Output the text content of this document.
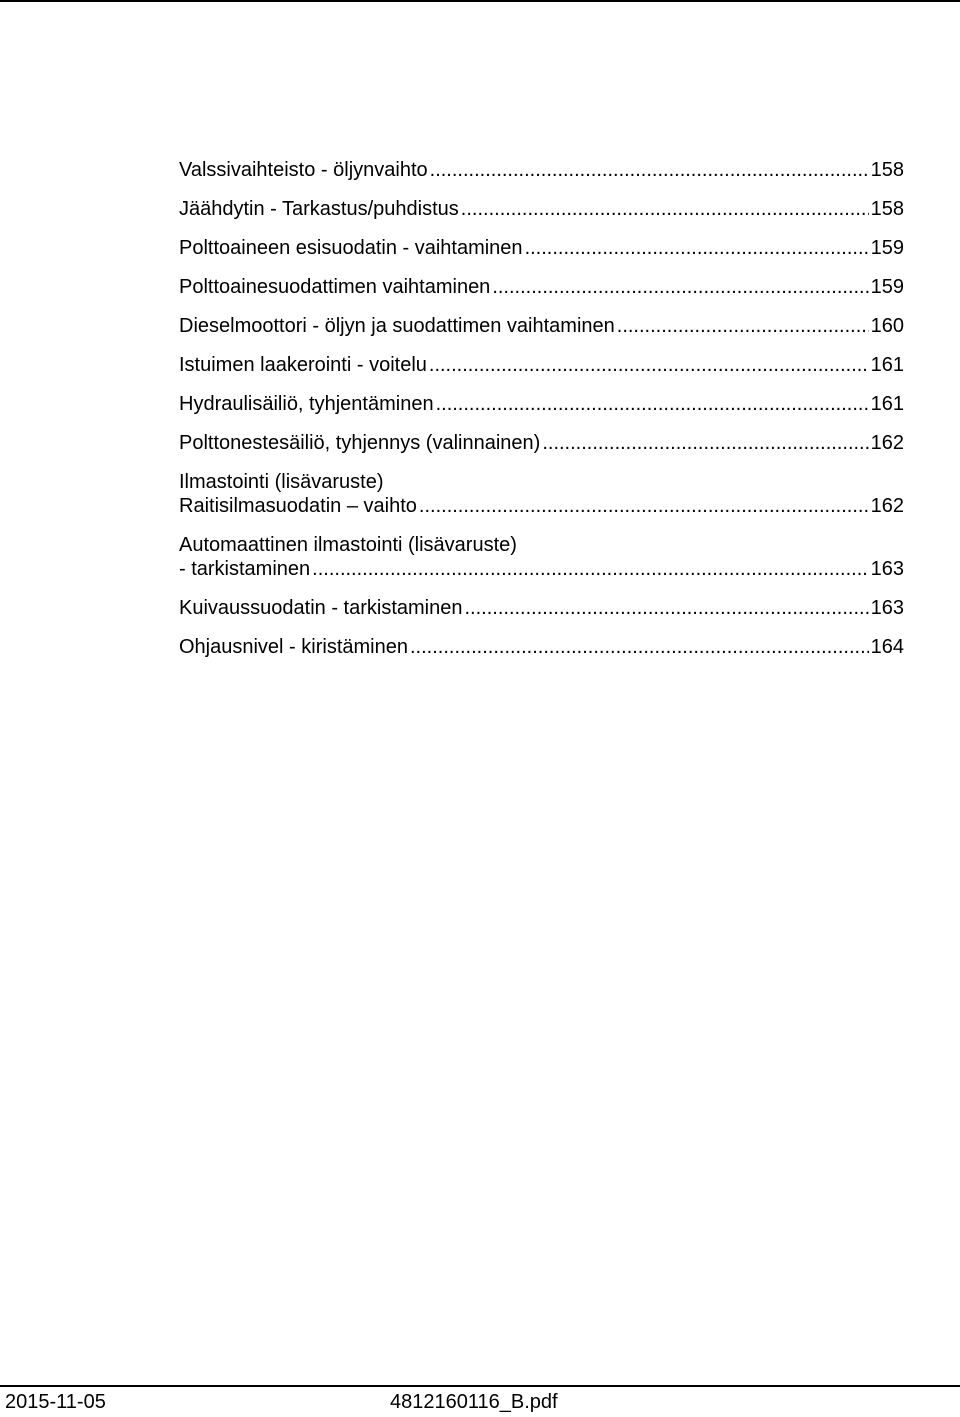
Valssivaihteisto - öljynvaihto .....	158
Jäähdytin - Tarkastus/puhdistus .....	158
Polttoaineen esisuodatin - vaihtaminen .....	159
Polttoainesuodattimen vaihtaminen .....	159
Dieselmoottori - öljyn ja suodattimen vaihtaminen .....	160
Istuimen laakerointi - voitelu .....	161
Hydraulisäiliö, tyhjentäminen .....	161
Polttonestesäiliö, tyhjennys (valinnainen) .....	162
Ilmastointi (lisävaruste)
Raitisilmasuodatin – vaihto .....	162
Automaattinen ilmastointi (lisävaruste)
- tarkistaminen .....	163
Kuivaussuodatin - tarkistaminen .....	163
Ohjausnivel - kiristäminen .....	164
2015-11-05	4812160116_B.pdf
